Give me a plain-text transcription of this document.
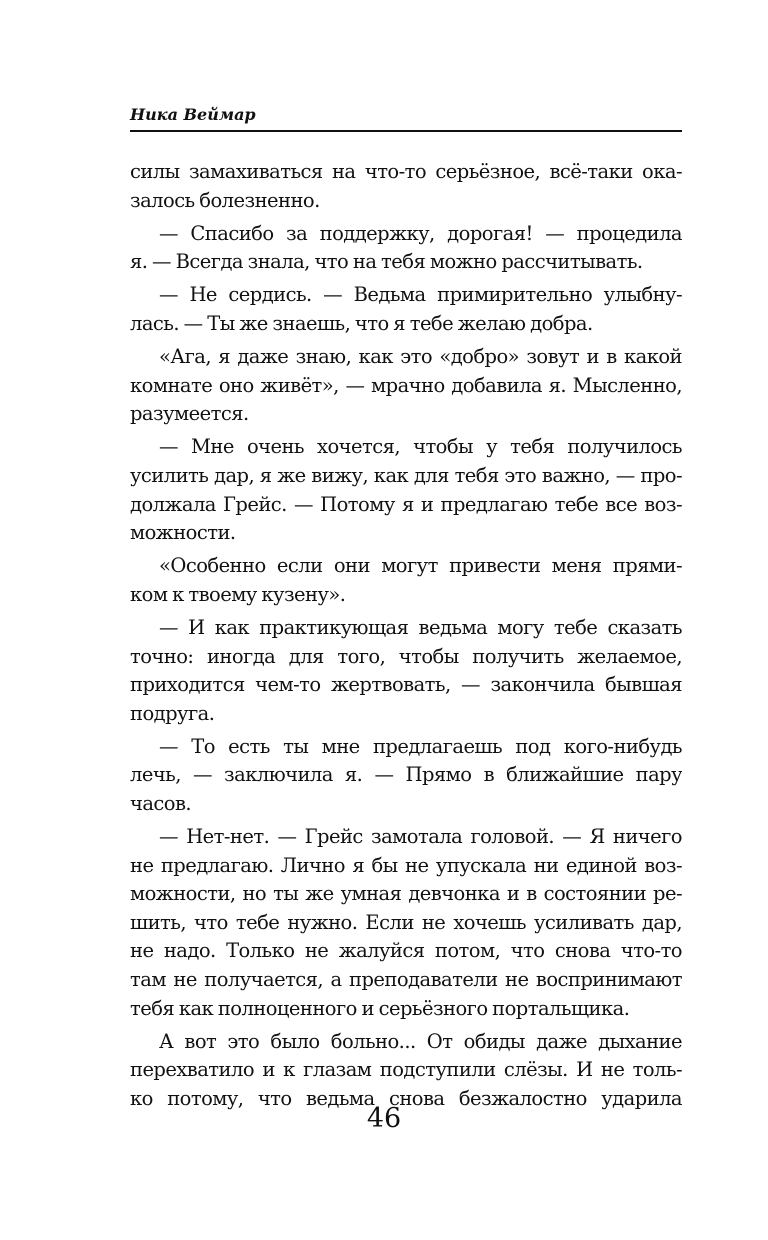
Ника Веймар
силы замахиваться на что-то серьёзное, всё-таки ока-
залось болезненно.
— Спасибо за поддержку, дорогая! — процедила
я. — Всегда знала, что на тебя можно рассчитывать.
— Не сердись. — Ведьма примирительно улыбну-
лась. — Ты же знаешь, что я тебе желаю добра.
«Ага, я даже знаю, как это «добро» зовут и в какой
комнате оно живёт», — мрачно добавила я. Мысленно,
разумеется.
— Мне очень хочется, чтобы у тебя получилось
усилить дар, я же вижу, как для тебя это важно, — про-
должала Грейс. — Потому я и предлагаю тебе все воз-
можности.
«Особенно если они могут привести меня прями-
ком к твоему кузену».
— И как практикующая ведьма могу тебе сказать
точно: иногда для того, чтобы получить желаемое,
приходится чем-то жертвовать, — закончила бывшая
подруга.
— То есть ты мне предлагаешь под кого-нибудь
лечь, — заключила я. — Прямо в ближайшие пару
часов.
— Нет-нет. — Грейс замотала головой. — Я ничего
не предлагаю. Лично я бы не упускала ни единой воз-
можности, но ты же умная девчонка и в состоянии ре-
шить, что тебе нужно. Если не хочешь усиливать дар,
не надо. Только не жалуйся потом, что снова что-то
там не получается, а преподаватели не воспринимают
тебя как полноценного и серьёзного портальщика.
А вот это было больно... От обиды даже дыхание
перехватило и к глазам подступили слёзы. И не толь-
ко потому, что ведьма снова безжалостно ударила
46
